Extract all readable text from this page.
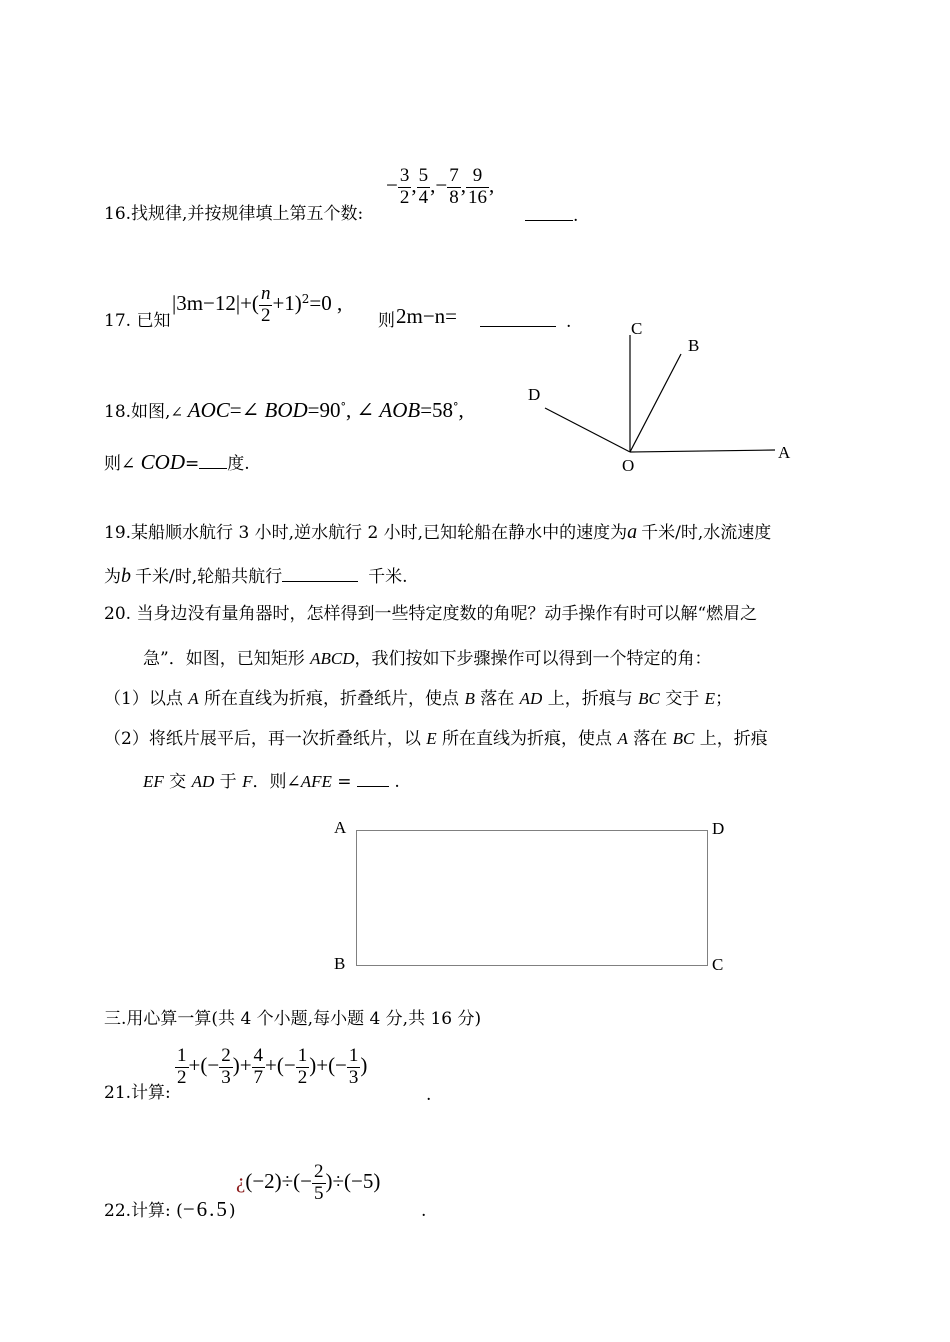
16.找规律,并按规律填上第五个数:
− $\frac{3}{2}$ , $\frac{5}{4}$ ,− $\frac{7}{8}$ , $\frac{9}{16}$ ,
.
17. 已知
$|3m-12|+( \frac{n}{2} +1)^2=0$ ,
则 2m−n=	.
18.如图,∠ AOC=∠ BOD=90°, ∠ AOB=58°,
则∠ COD= 度.
A
B
C
D
O
19.某船顺水航行 3 小时,逆水航行 2 小时,已知轮船在静水中的速度为a 千米/时,水流速度
为b 千米/时,轮船共航行	千米.
20. 当身边没有量角器时，怎样得到一些特定度数的角呢？动手操作有时可以解“燃眉之
急”．如图，已知矩形 ABCD，我们按如下步骤操作可以得到一个特定的角：
（1）以点 A 所在直线为折痕，折叠纸片，使点 B 落在 AD 上，折痕与 BC 交于 E；
（2）将纸片展平后，再一次折叠纸片，以 E 所在直线为折痕，使点 A 落在 BC 上，折痕
EF 交 AD 于 F．则∠AFE =  .
A	D
B	C
三.用心算一算(共 4 个小题,每小题 4 分,共 16 分)
21.计算:
$\frac{1}{2}$ +(− $\frac{2}{3}$ )+ $\frac{4}{7}$ +(− $\frac{1}{2}$ )+(− $\frac{1}{3}$ )
.
22.计算: (−6.5)
¿$(-2)\div(- \frac{2}{5} )\div(-5)$
.
